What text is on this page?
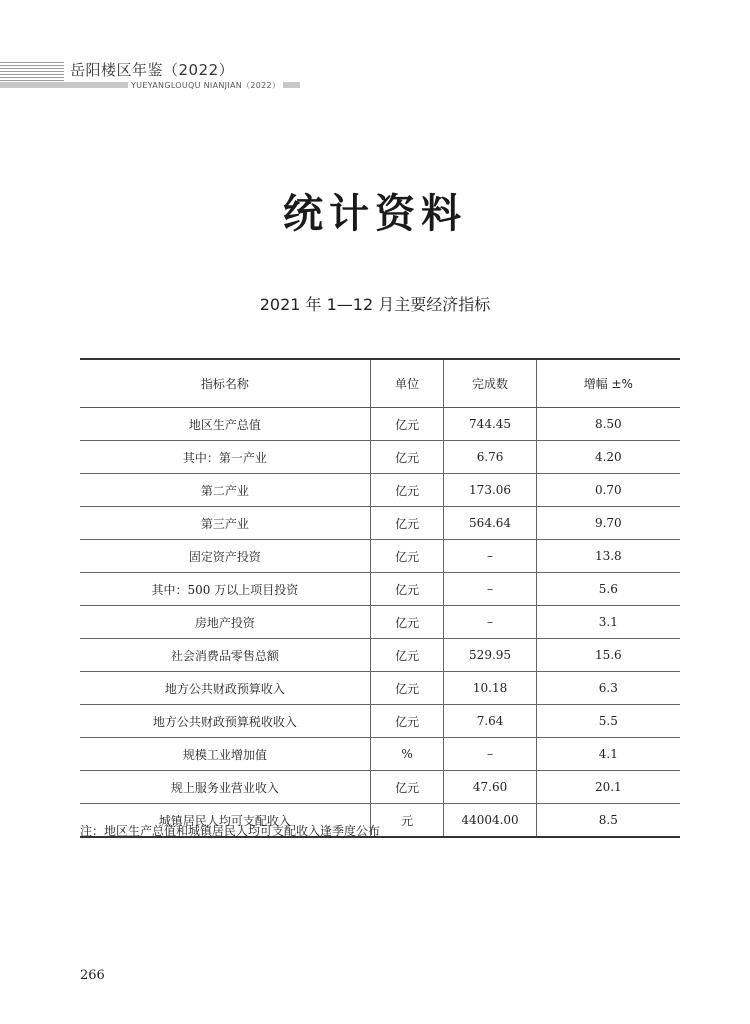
岳阳楼区年鉴（2022）
YUEYANGLOUQU NIANJIAN（2022）
统计资料
2021 年 1—12 月主要经济指标
指标名称	单位	完成数	增幅 ±%
地区生产总值	亿元	744.45	8.50
其中：第一产业	亿元	6.76	4.20
第二产业	亿元	173.06	0.70
第三产业	亿元	564.64	9.70
固定资产投资	亿元	–	13.8
其中：500 万以上项目投资	亿元	–	5.6
房地产投资	亿元	–	3.1
社会消费品零售总额	亿元	529.95	15.6
地方公共财政预算收入	亿元	10.18	6.3
地方公共财政预算税收收入	亿元	7.64	5.5
规模工业增加值	%	–	4.1
规上服务业营业收入	亿元	47.60	20.1
城镇居民人均可支配收入	元	44004.00	8.5
注：地区生产总值和城镇居民人均可支配收入逢季度公布
266
